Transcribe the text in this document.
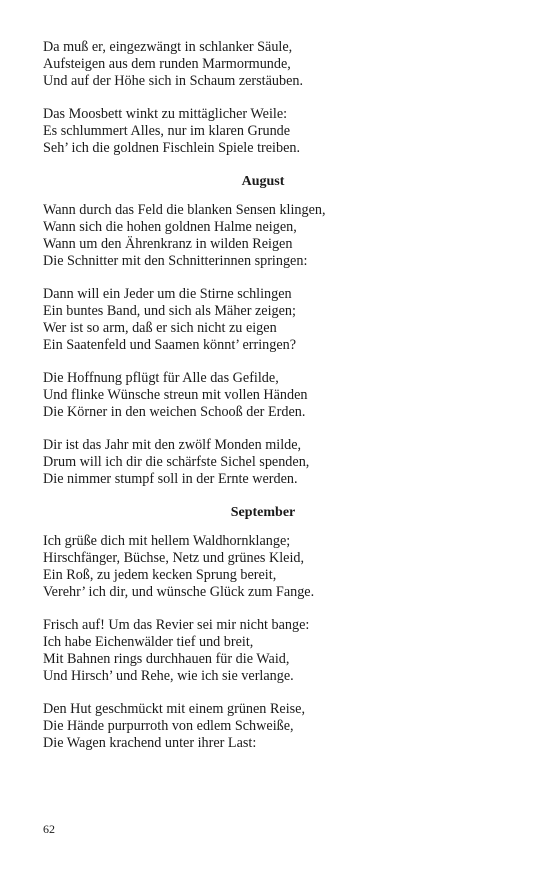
Da muß er, eingezwängt in schlanker Säule,
Aufsteigen aus dem runden Marmormunde,
Und auf der Höhe sich in Schaum zerstäuben.
Das Moosbett winkt zu mittäglicher Weile:
Es schlummert Alles, nur im klaren Grunde
Seh’ ich die goldnen Fischlein Spiele treiben.
August
Wann durch das Feld die blanken Sensen klingen,
Wann sich die hohen goldnen Halme neigen,
Wann um den Ährenkranz in wilden Reigen
Die Schnitter mit den Schnitterinnen springen:
Dann will ein Jeder um die Stirne schlingen
Ein buntes Band, und sich als Mäher zeigen;
Wer ist so arm, daß er sich nicht zu eigen
Ein Saatenfeld und Saamen könnt’ erringen?
Die Hoffnung pflügt für Alle das Gefilde,
Und flinke Wünsche streun mit vollen Händen
Die Körner in den weichen Schooß der Erden.
Dir ist das Jahr mit den zwölf Monden milde,
Drum will ich dir die schärfste Sichel spenden,
Die nimmer stumpf soll in der Ernte werden.
September
Ich grüße dich mit hellem Waldhornklange;
Hirschfänger, Büchse, Netz und grünes Kleid,
Ein Roß, zu jedem kecken Sprung bereit,
Verehr’ ich dir, und wünsche Glück zum Fange.
Frisch auf! Um das Revier sei mir nicht bange:
Ich habe Eichenwälder tief und breit,
Mit Bahnen rings durchhauen für die Waid,
Und Hirsch’ und Rehe, wie ich sie verlange.
Den Hut geschmückt mit einem grünen Reise,
Die Hände purpurroth von edlem Schweiße,
Die Wagen krachend unter ihrer Last:
62
